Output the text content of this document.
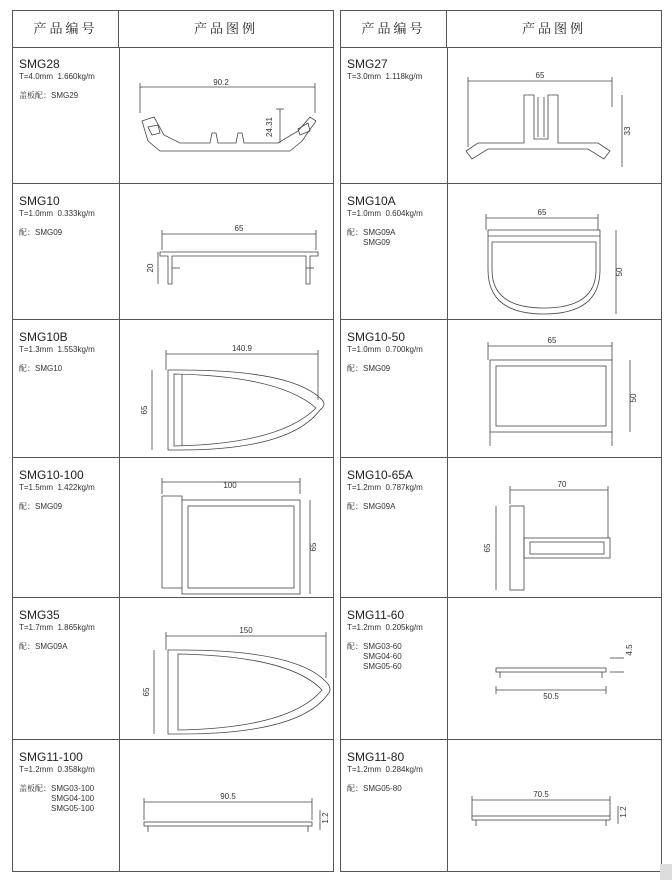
产品编号	产品图例
SMG28
T=4.0mm 1.660kg/m
盖板配： SMG29
90.2
24.31
SMG10
T=1.0mm 0.333kg/m
配： SMG09	65
20
SMG10B
T=1.3mm 1.553kg/m
配： SMG10
140.9
65
SMG10-100
T=1.5mm 1.422kg/m
配： SMG09
100
65
SMG35
T=1.7mm 1.865kg/m
配： SMG09A
150
65
SMG11-100
T=1.2mm 0.358kg/m
盖板配： SMG03-100
SMG04-100
SMG05-100
90.5
1.2
产品编号	产品图例
SMG27
T=3.0mm 1.118kg/m	65
33
SMG10A
T=1.0mm 0.604kg/m
配： SMG09A
SMG09
65
50
SMG10-50
T=1.0mm 0.700kg/m
配： SMG09
65
50
SMG10-65A
T=1.2mm 0.787kg/m
配： SMG09A
70
65
SMG11-60
T=1.2mm 0.205kg/m
配： SMG03-60
SMG04-60
SMG05-60
50.5
4.5
SMG11-80
T=1.2mm 0.284kg/m
配： SMG05-80
70.5
1.2
